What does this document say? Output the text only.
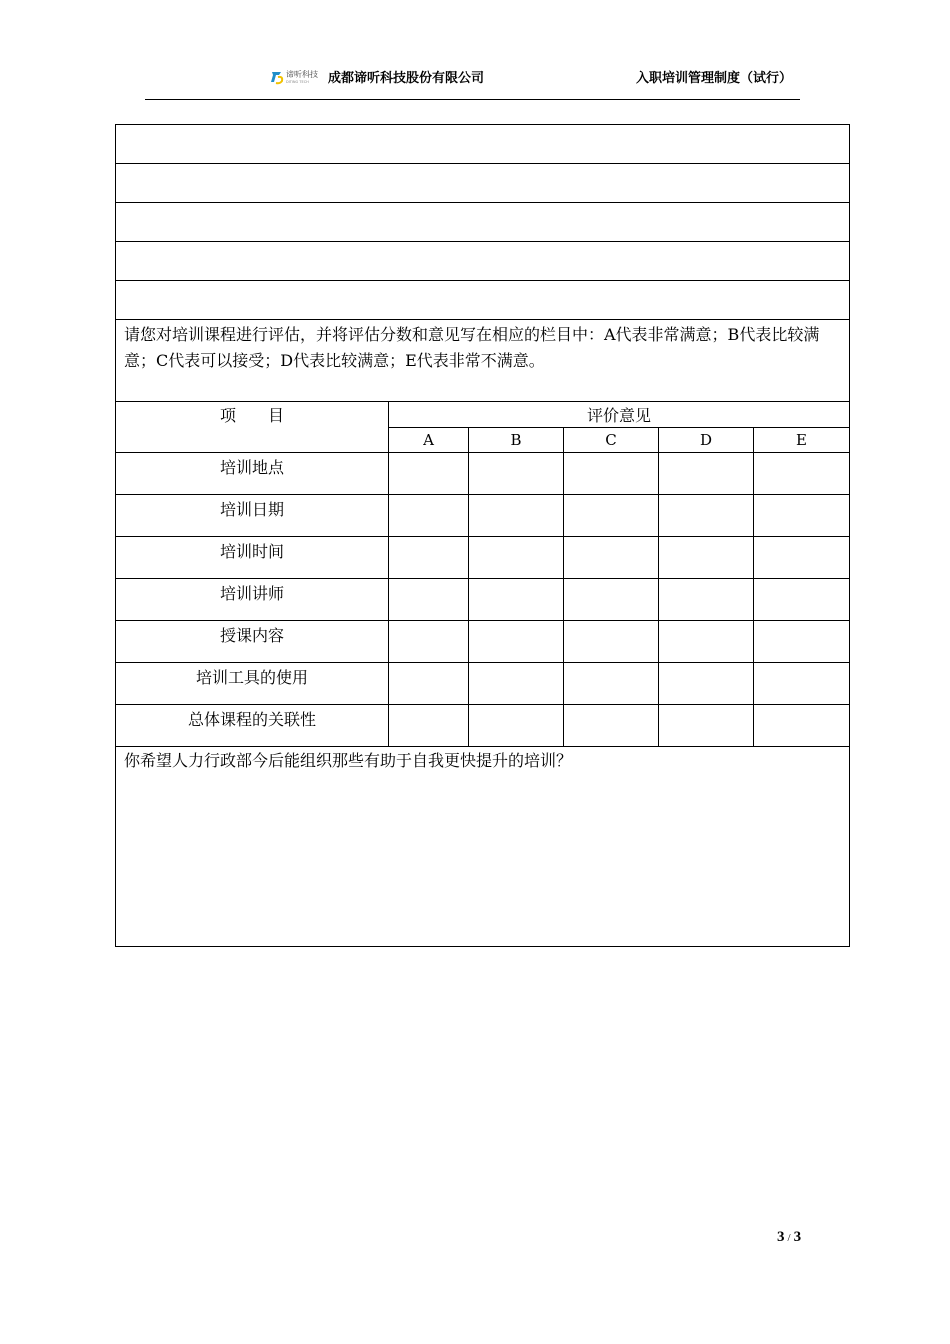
谛听科技
DITING TECH 成都谛听科技股份有限公司	入职培训管理制度（试行）

请您对培训课程进行评估，并将评估分数和意见写在相应的栏目中：A代表非常满意；B代表比较满意；C代表可以接受；D代表比较满意；E代表非常不满意。					
项　　目	评价意见				
	A	B	C	D	E
培训地点					
培训日期					
培训时间					
培训讲师					
授课内容					
培训工具的使用					
总体课程的关联性					
你希望人力行政部今后能组织那些有助于自我更快提升的培训？					
3 / 3
